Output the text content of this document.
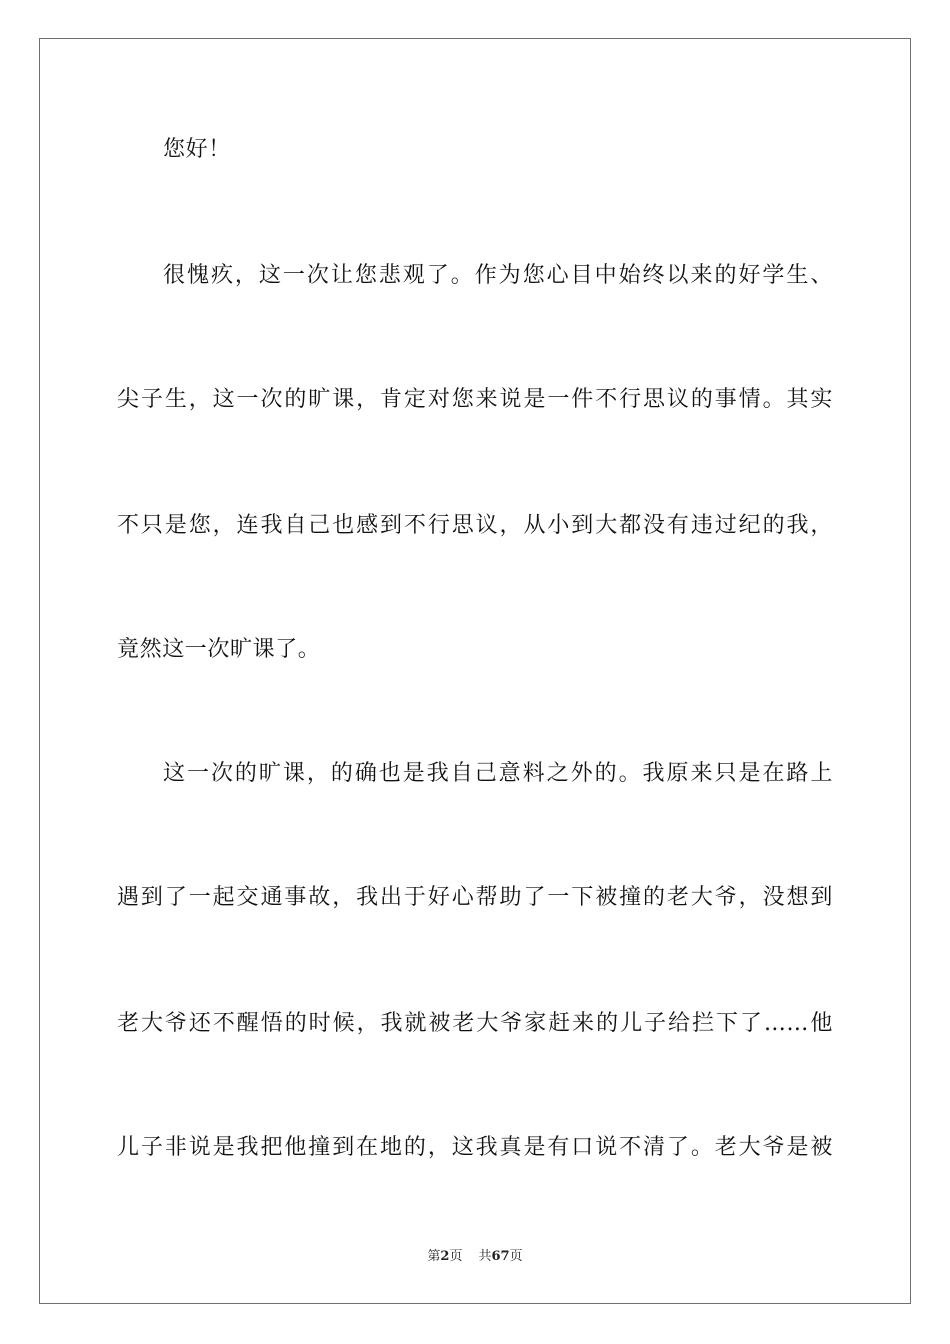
您好！
很愧疚，这一次让您悲观了。作为您心目中始终以来的好学生、
尖子生，这一次的旷课，肯定对您来说是一件不行思议的事情。其实
不只是您，连我自己也感到不行思议，从小到大都没有违过纪的我，
竟然这一次旷课了。
这一次的旷课，的确也是我自己意料之外的。我原来只是在路上
遇到了一起交通事故，我出于好心帮助了一下被撞的老大爷，没想到
老大爷还不醒悟的时候，我就被老大爷家赶来的儿子给拦下了……他
儿子非说是我把他撞到在地的，这我真是有口说不清了。老大爷是被
第2页 共67页
